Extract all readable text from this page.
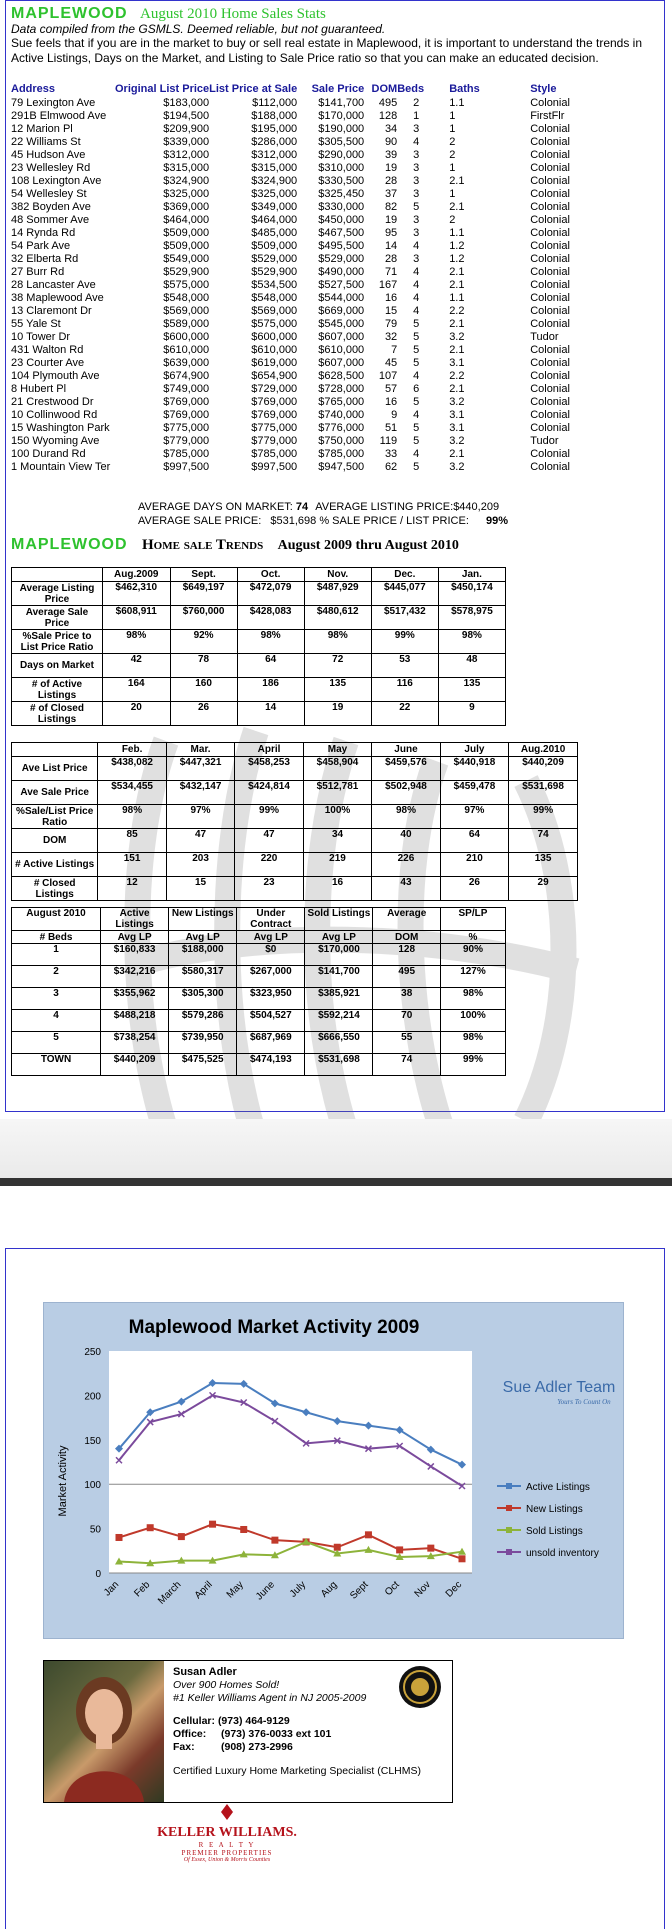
MAPLEWOOD August 2010 Home Sales Stats
Data compiled from the GSMLS. Deemed reliable, but not guaranteed.
Sue feels that if you are in the market to buy or sell real estate in Maplewood, it is important to understand the trends in Active Listings, Days on the Market, and Listing to Sale Price ratio so that you can make an educated decision.
Address	Original List Price	List Price at Sale	Sale Price	DOM	Beds	Baths	Style
79 Lexington Ave	$183,000	$112,000	$141,700	495	2	1.1	Colonial
291B Elmwood Ave	$194,500	$188,000	$170,000	128	1	1	FirstFlr
12 Marion Pl	$209,900	$195,000	$190,000	34	3	1	Colonial
22 Williams St	$339,000	$286,000	$305,500	90	4	2	Colonial
45 Hudson Ave	$312,000	$312,000	$290,000	39	3	2	Colonial
23 Wellesley Rd	$315,000	$315,000	$310,000	19	3	1	Colonial
108 Lexington Ave	$324,900	$324,900	$330,500	28	3	2.1	Colonial
54 Wellesley St	$325,000	$325,000	$325,450	37	3	1	Colonial
382 Boyden Ave	$369,000	$349,000	$330,000	82	5	2.1	Colonial
48 Sommer Ave	$464,000	$464,000	$450,000	19	3	2	Colonial
14 Rynda Rd	$509,000	$485,000	$467,500	95	3	1.1	Colonial
54 Park Ave	$509,000	$509,000	$495,500	14	4	1.2	Colonial
32 Elberta Rd	$549,000	$529,000	$529,000	28	3	1.2	Colonial
27 Burr Rd	$529,900	$529,900	$490,000	71	4	2.1	Colonial
28 Lancaster Ave	$575,000	$534,500	$527,500	167	4	2.1	Colonial
38 Maplewood Ave	$548,000	$548,000	$544,000	16	4	1.1	Colonial
13 Claremont Dr	$569,000	$569,000	$669,000	15	4	2.2	Colonial
55 Yale St	$589,000	$575,000	$545,000	79	5	2.1	Colonial
10 Tower Dr	$600,000	$600,000	$607,000	32	5	3.2	Tudor
431 Walton Rd	$610,000	$610,000	$610,000	7	5	2.1	Colonial
23 Courter Ave	$639,000	$619,000	$607,000	45	5	3.1	Colonial
104 Plymouth Ave	$674,900	$654,900	$628,500	107	4	2.2	Colonial
8 Hubert Pl	$749,000	$729,000	$728,000	57	6	2.1	Colonial
21 Crestwood Dr	$769,000	$769,000	$765,000	16	5	3.2	Colonial
10 Collinwood Rd	$769,000	$769,000	$740,000	9	4	3.1	Colonial
15 Washington Park	$775,000	$775,000	$776,000	51	5	3.1	Colonial
150 Wyoming Ave	$779,000	$779,000	$750,000	119	5	3.2	Tudor
100 Durand Rd	$785,000	$785,000	$785,000	33	4	2.1	Colonial
1 Mountain View Ter	$997,500	$997,500	$947,500	62	5	3.2	Colonial
AVERAGE DAYS ON MARKET: 74 AVERAGE LISTING PRICE:$440,209
AVERAGE SALE PRICE: $531,698 % SALE PRICE / LIST PRICE: 99%
MAPLEWOOD Home sale Trends August 2009 thru August 2010
	Aug.2009	Sept.	Oct.	Nov.	Dec.	Jan.
Average Listing Price	$462,310	$649,197	$472,079	$487,929	$445,077	$450,174
Average Sale Price	$608,911	$760,000	$428,083	$480,612	$517,432	$578,975
%Sale Price to List Price Ratio	98%	92%	98%	98%	99%	98%
Days on Market	42	78	64	72	53	48
# of Active Listings	164	160	186	135	116	135
# of Closed Listings	20	26	14	19	22	9
	Feb.	Mar.	April	May	June	July	Aug.2010
Ave List Price	$438,082	$447,321	$458,253	$458,904	$459,576	$440,918	$440,209
Ave Sale Price	$534,455	$432,147	$424,814	$512,781	$502,948	$459,478	$531,698
%Sale/List Price Ratio	98%	97%	99%	100%	98%	97%	99%
DOM	85	47	47	34	40	64	74
# Active Listings	151	203	220	219	226	210	135
# Closed Listings	12	15	23	16	43	26	29
August 2010	Active Listings	New Listings	Under Contract	Sold Listings	Average	SP/LP
# Beds	Avg LP	Avg LP	Avg LP	Avg LP	DOM	%
1	$160,833	$188,000	$0	$170,000	128	90%
2	$342,216	$580,317	$267,000	$141,700	495	127%
3	$355,962	$305,300	$323,950	$385,921	38	98%
4	$488,218	$579,286	$504,527	$592,214	70	100%
5	$738,254	$739,950	$687,969	$666,550	55	98%
TOWN	$440,209	$475,525	$474,193	$531,698	74	99%
Maplewood Market Activity 2009
Market Activity
0
50
100
150
200
250
Jan Feb March April May June July Aug Sept Oct Nov Dec
Active Listings
New Listings
Sold Listings
unsold inventory
Sue Adler Team
Yours To Count On
Susan Adler
Over 900 Homes Sold!
#1 Keller Williams Agent in NJ 2005-2009
Cellular: (973) 464-9129
Office: (973) 376-0033 ext 101
Fax:	(908) 273-2996
Certified Luxury Home Marketing Specialist (CLHMS)
KELLER WILLIAMS.
R E A L T Y
PREMIER PROPERTIES
Of Essex, Union & Morris Counties
